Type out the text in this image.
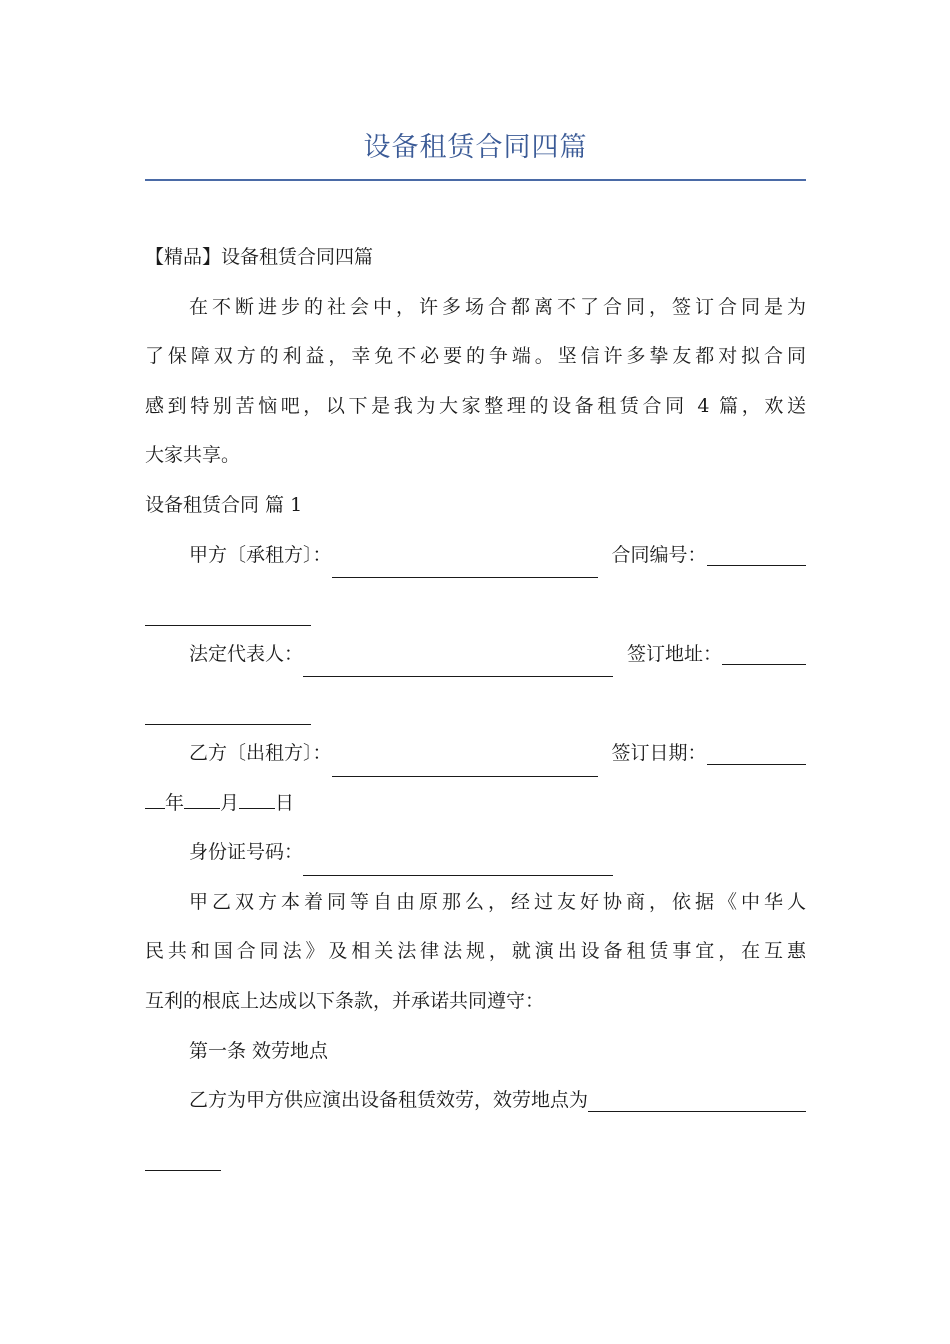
设备租赁合同四篇
【精品】设备租赁合同四篇
在不断进步的社会中，许多场合都离不了合同，签订合同是为
了保障双方的利益，幸免不必要的争端。坚信许多挚友都对拟合同
感到特别苦恼吧，以下是我为大家整理的设备租赁合同 4 篇，欢送
大家共享。
设备租赁合同 篇 1
甲方〔承租方〕：	合同编号：
法定代表人：	签订地址：
乙方〔出租方〕：	签订日期：
年 月 日
身份证号码：
甲乙双方本着同等自由原那么，经过友好协商，依据《中华人
民共和国合同法》及相关法律法规，就演出设备租赁事宜，在互惠
互利的根底上达成以下条款，并承诺共同遵守：
第一条 效劳地点
乙方为甲方供应演出设备租赁效劳，效劳地点为
